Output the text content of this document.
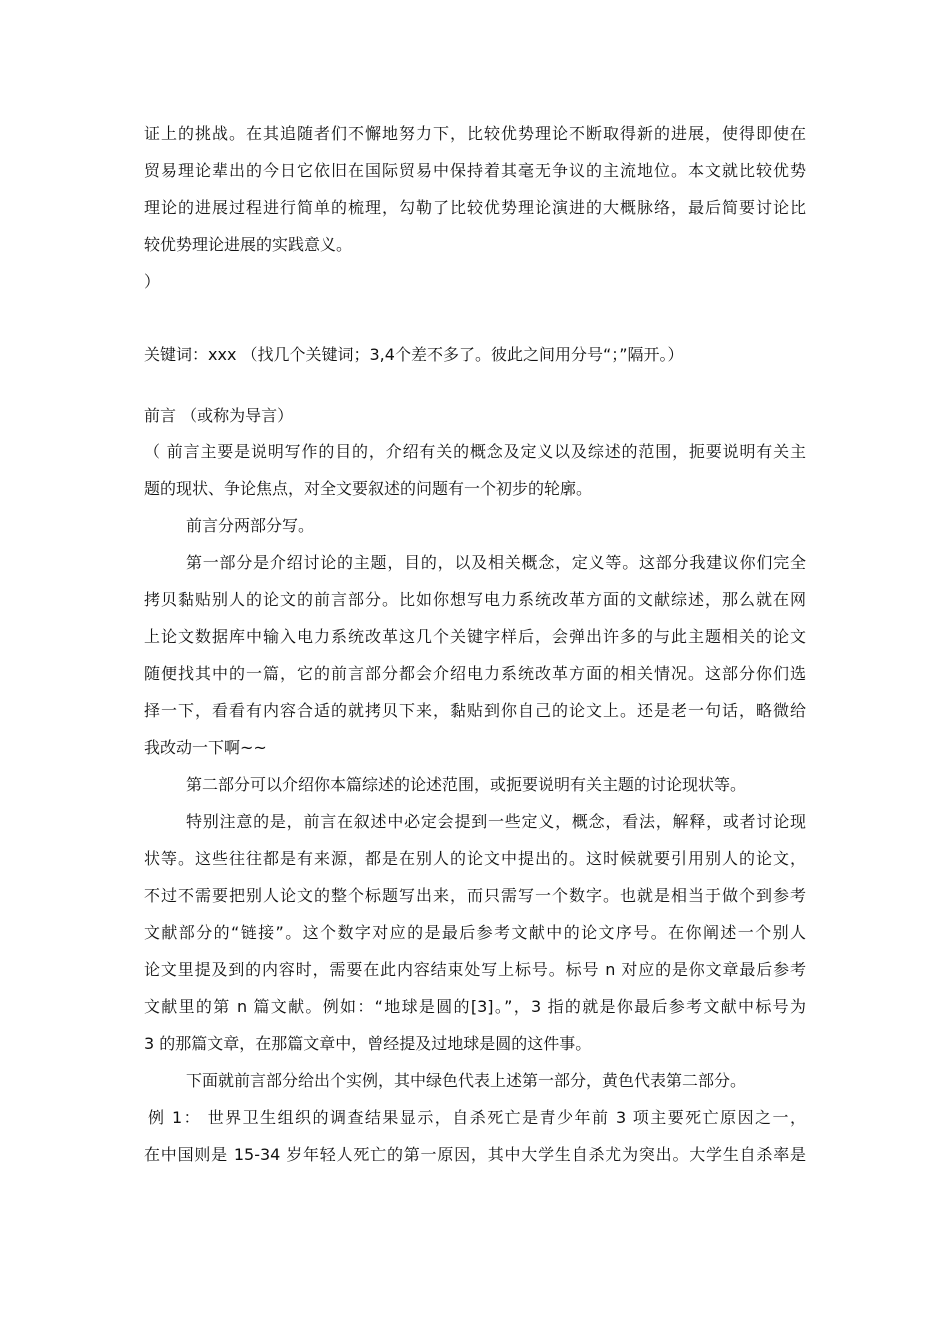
证上的挑战。在其追随者们不懈地努力下，比较优势理论不断取得新的进展，使得即使在
贸易理论辈出的今日它依旧在国际贸易中保持着其毫无争议的主流地位。本文就比较优势
理论的进展过程进行简单的梳理，勾勒了比较优势理论演进的大概脉络，最后简要讨论比
较优势理论进展的实践意义。
）
关键词：xxx （找几个关键词；3,4个差不多了。彼此之间用分号“；”隔开。）
前言 （或称为导言）
（ 前言主要是说明写作的目的，介绍有关的概念及定义以及综述的范围，扼要说明有关主
题的现状、争论焦点，对全文要叙述的问题有一个初步的轮廓。
前言分两部分写。
第一部分是介绍讨论的主题，目的，以及相关概念，定义等。这部分我建议你们完全
拷贝黏贴别人的论文的前言部分。比如你想写电力系统改革方面的文献综述，那么就在网
上论文数据库中输入电力系统改革这几个关键字样后，会弹出许多的与此主题相关的论文
随便找其中的一篇，它的前言部分都会介绍电力系统改革方面的相关情况。这部分你们选
择一下，看看有内容合适的就拷贝下来，黏贴到你自己的论文上。还是老一句话，略微给
我改动一下啊~~
第二部分可以介绍你本篇综述的论述范围，或扼要说明有关主题的讨论现状等。
特别注意的是，前言在叙述中必定会提到一些定义，概念，看法，解释，或者讨论现
状等。这些往往都是有来源，都是在别人的论文中提出的。这时候就要引用别人的论文，
不过不需要把别人论文的整个标题写出来，而只需写一个数字。也就是相当于做个到参考
文献部分的“链接”。这个数字对应的是最后参考文献中的论文序号。在你阐述一个别人
论文里提及到的内容时，需要在此内容结束处写上标号。标号 n 对应的是你文章最后参考
文献里的第 n 篇文献。例如：“地球是圆的[3]。”，3 指的就是你最后参考文献中标号为
3 的那篇文章，在那篇文章中，曾经提及过地球是圆的这件事。
下面就前言部分给出个实例，其中绿色代表上述第一部分，黄色代表第二部分。
例 1： 世界卫生组织的调查结果显示，自杀死亡是青少年前 3 项主要死亡原因之一，
在中国则是 15-34 岁年轻人死亡的第一原因，其中大学生自杀尤为突出。大学生自杀率是
